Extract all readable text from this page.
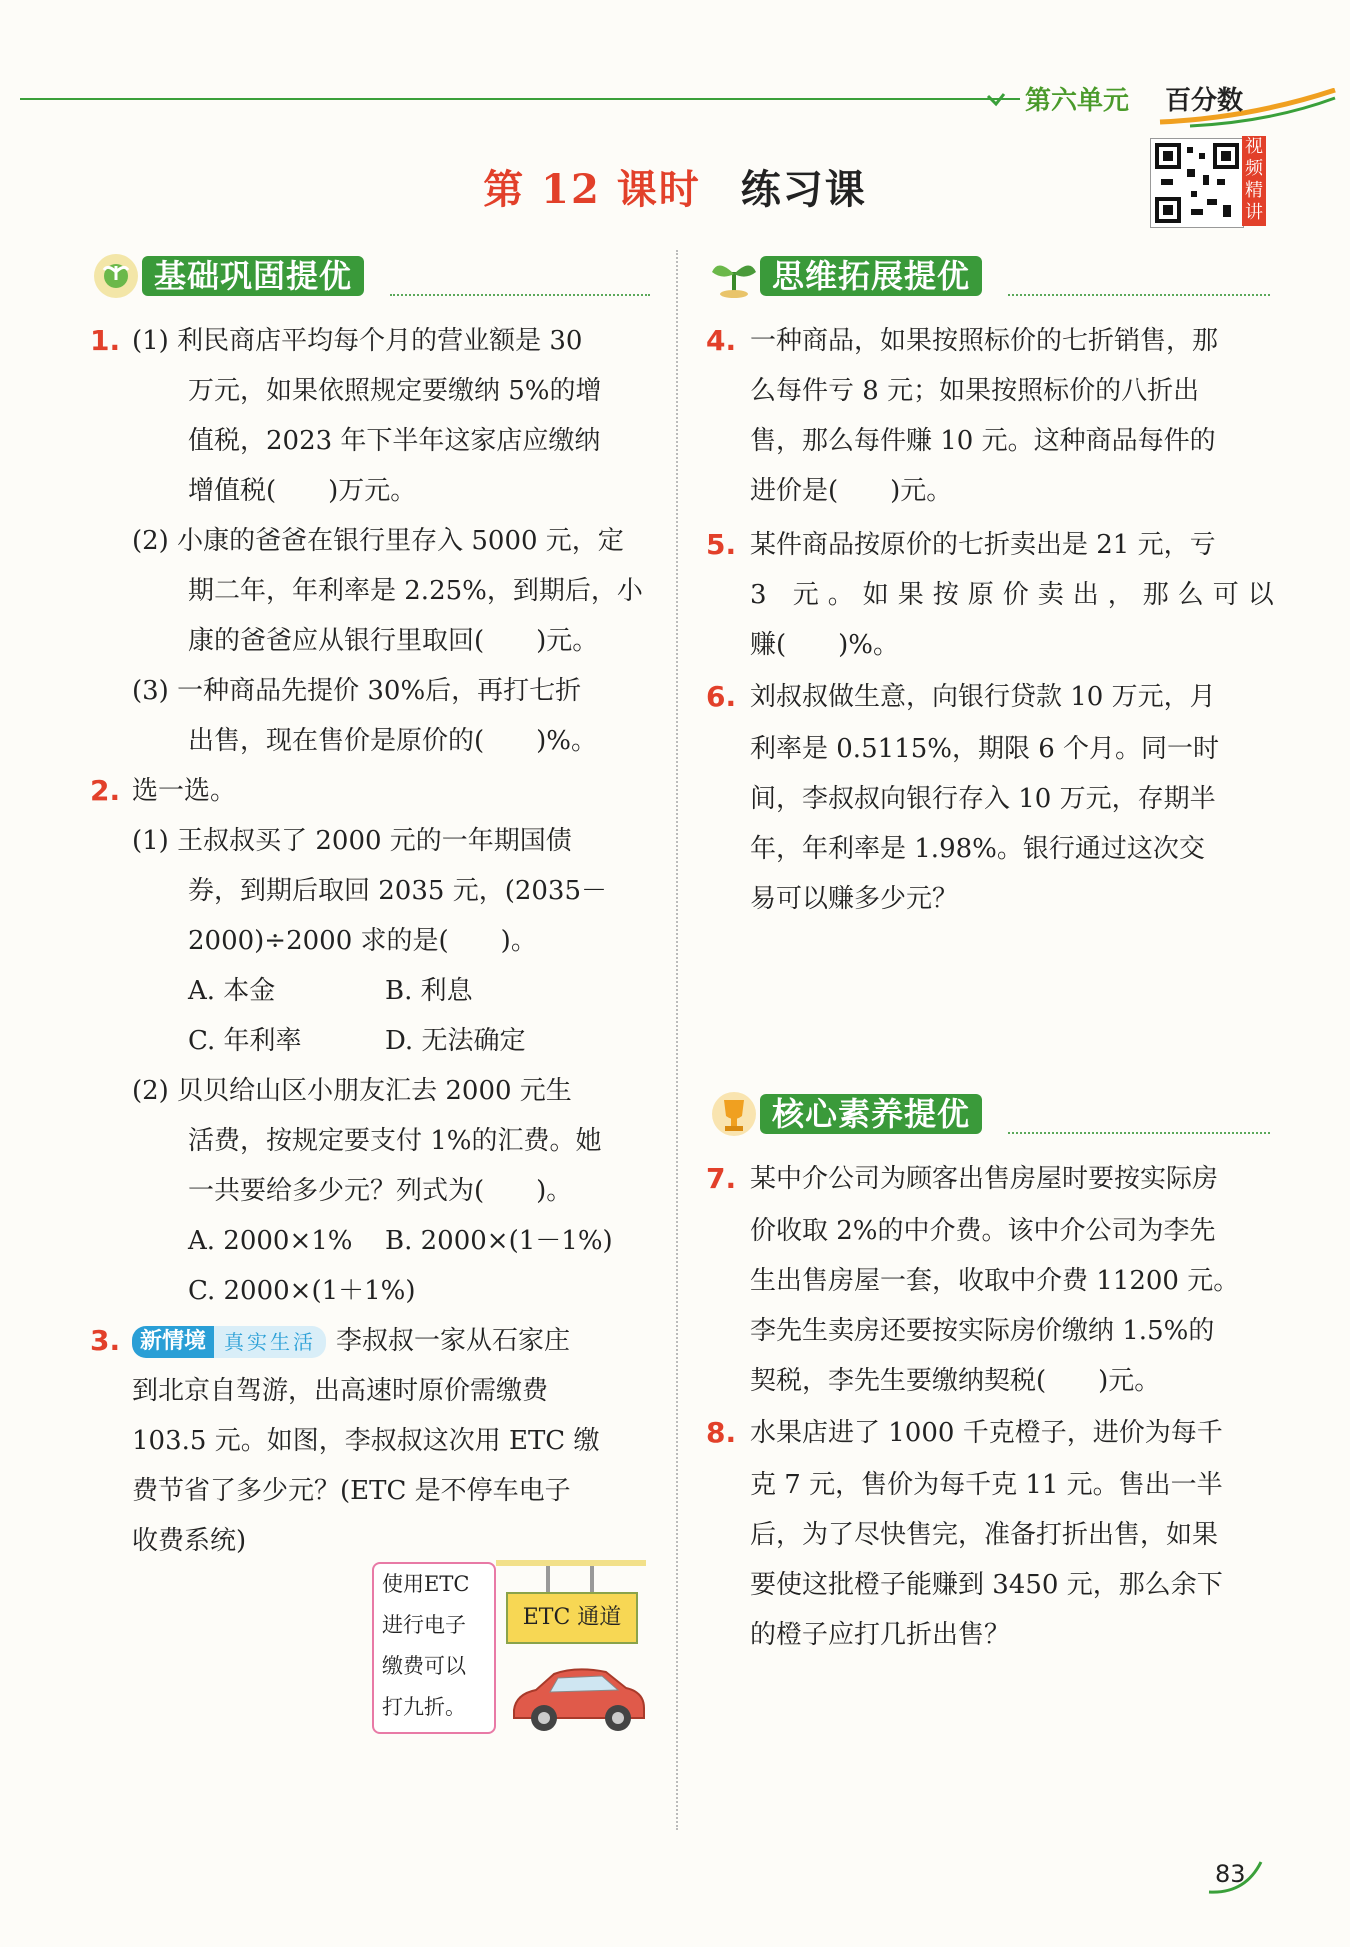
第六单元 百分数
第 12 课时 练习课
视频精讲
基础巩固提优	思维拓展提优
核心素养提优
1. (1) 利民商店平均每个月的营业额是 30
万元，如果依照规定要缴纳 5%的增
值税，2023 年下半年这家店应缴纳
增值税(　　)万元。
(2) 小康的爸爸在银行里存入 5000 元，定
期二年，年利率是 2.25%，到期后，小
康的爸爸应从银行里取回(　　)元。
(3) 一种商品先提价 30%后，再打七折
出售，现在售价是原价的(　　)%。
2. 选一选。
(1) 王叔叔买了 2000 元的一年期国债
券，到期后取回 2035 元，(2035－
2000)÷2000 求的是(　　)。
A. 本金	B. 利息
C. 年利率	D. 无法确定
(2) 贝贝给山区小朋友汇去 2000 元生
活费，按规定要支付 1%的汇费。她
一共要给多少元？列式为(　　)。
A. 2000×1% B. 2000×(1－1%)
C. 2000×(1＋1%)
3. 新情境 真实生活 李叔叔一家从石家庄
到北京自驾游，出高速时原价需缴费
103.5 元。如图，李叔叔这次用 ETC 缴
费节省了多少元？(ETC 是不停车电子
收费系统)
使用ETC
进行电子
缴费可以
打九折。
ETC 通道
4. 一种商品，如果按照标价的七折销售，那
么每件亏 8 元；如果按照标价的八折出
售，那么每件赚 10 元。这种商品每件的
进价是(　　)元。
5. 某件商品按原价的七折卖出是 21 元，亏
3 元。如果按原价卖出，那么可以
赚(　　)%。
6. 刘叔叔做生意，向银行贷款 10 万元，月
利率是 0.5115%，期限 6 个月。同一时
间，李叔叔向银行存入 10 万元，存期半
年，年利率是 1.98%。银行通过这次交
易可以赚多少元？
7. 某中介公司为顾客出售房屋时要按实际房
价收取 2%的中介费。该中介公司为李先
生出售房屋一套，收取中介费 11200 元。
李先生卖房还要按实际房价缴纳 1.5%的
契税，李先生要缴纳契税(　　)元。
8. 水果店进了 1000 千克橙子，进价为每千
克 7 元，售价为每千克 11 元。售出一半
后，为了尽快售完，准备打折出售，如果
要使这批橙子能赚到 3450 元，那么余下
的橙子应打几折出售？
83
